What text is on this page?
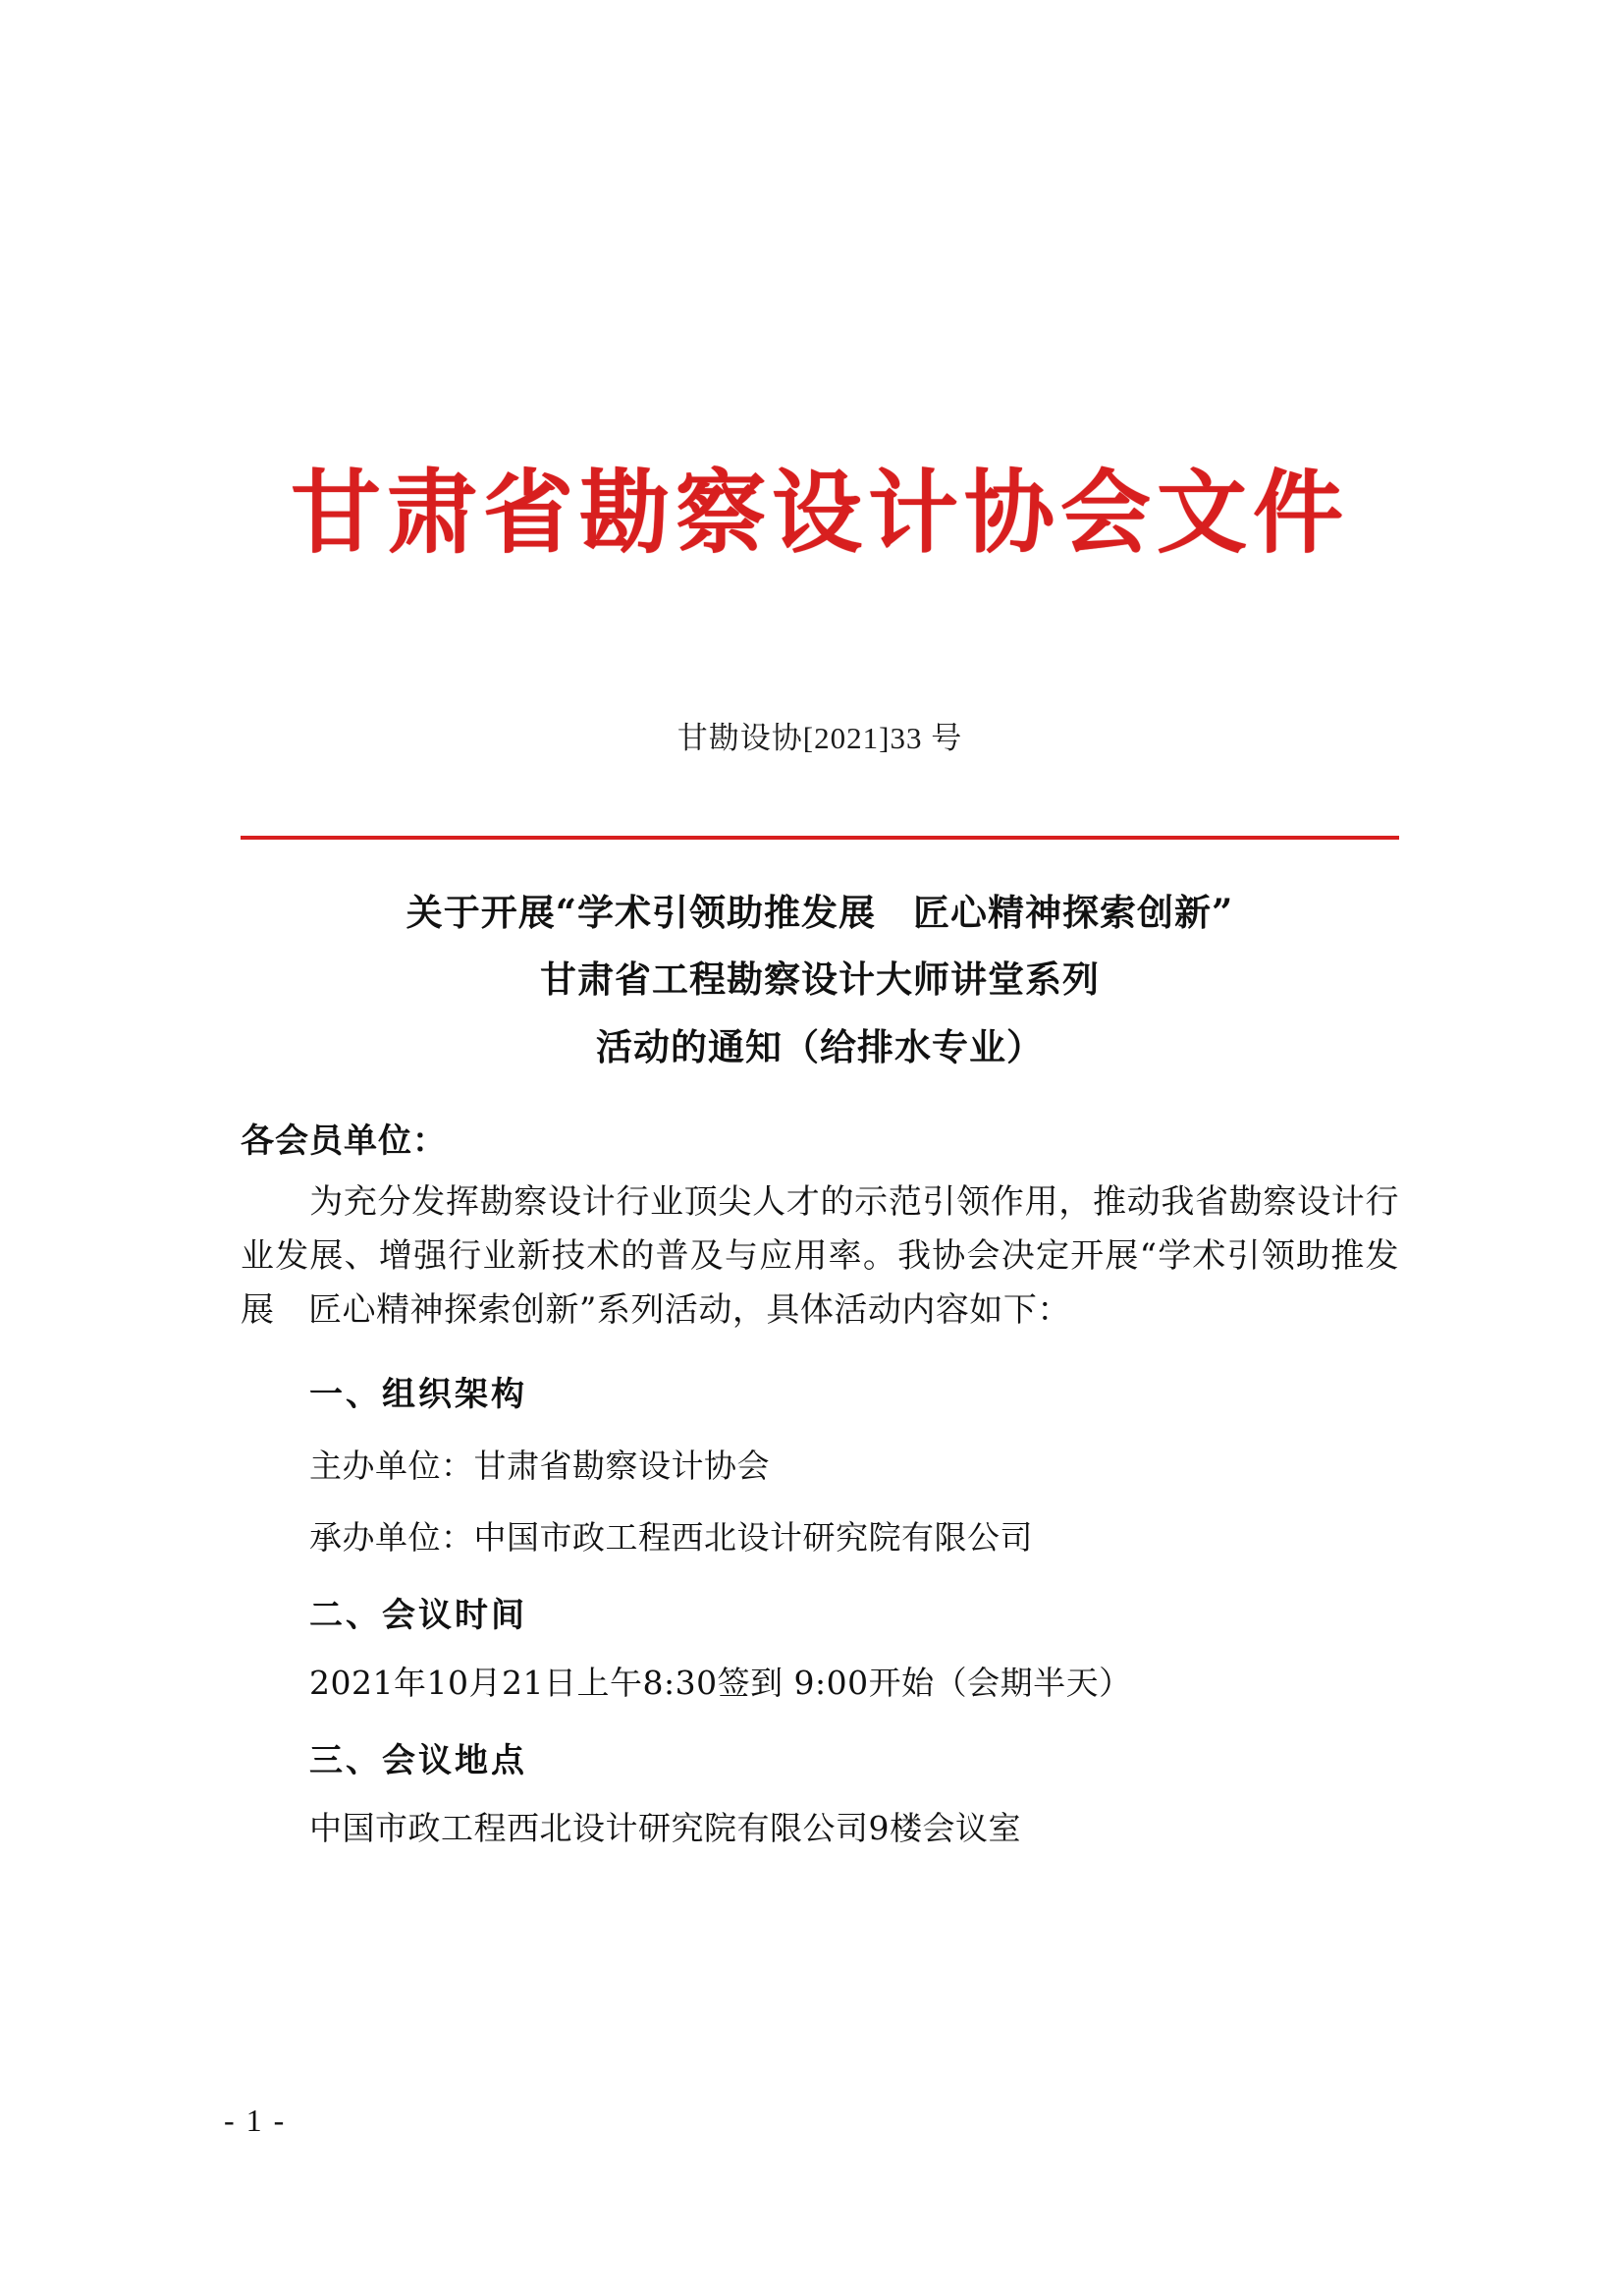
甘肃省勘察设计协会文件
甘勘设协[2021]33 号
关于开展“学术引领助推发展　匠心精神探索创新”
甘肃省工程勘察设计大师讲堂系列
活动的通知（给排水专业）
各会员单位：
为充分发挥勘察设计行业顶尖人才的示范引领作用，推动我省勘察设计行业发展、增强行业新技术的普及与应用率。我协会决定开展“学术引领助推发展　匠心精神探索创新”系列活动，具体活动内容如下：
一、组织架构
主办单位：甘肃省勘察设计协会
承办单位：中国市政工程西北设计研究院有限公司
二、会议时间
2021年10月21日上午8:30签到 9:00开始（会期半天）
三、会议地点
中国市政工程西北设计研究院有限公司9楼会议室
- 1 -
